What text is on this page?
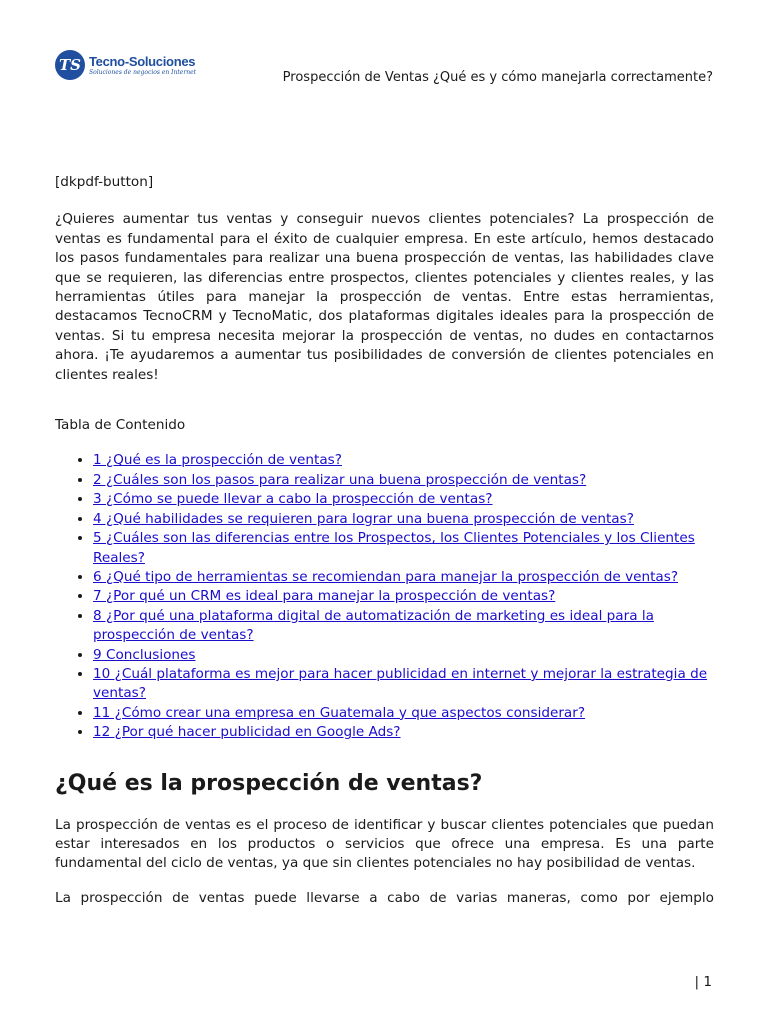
TS Tecno-Soluciones
Soluciones de negocios en Internet	Prospección de Ventas ¿Qué es y cómo manejarla correctamente?

[dkpdf-button]

¿Quieres aumentar tus ventas y conseguir nuevos clientes potenciales? La prospección de ventas es fundamental para el éxito de cualquier empresa. En este artículo, hemos destacado los pasos fundamentales para realizar una buena prospección de ventas, las habilidades clave que se requieren, las diferencias entre prospectos, clientes potenciales y clientes reales, y las herramientas útiles para manejar la prospección de ventas. Entre estas herramientas, destacamos TecnoCRM y TecnoMatic, dos plataformas digitales ideales para la prospección de ventas. Si tu empresa necesita mejorar la prospección de ventas, no dudes en contactarnos ahora. ¡Te ayudaremos a aumentar tus posibilidades de conversión de clientes potenciales en clientes reales!

Tabla de Contenido

• 1 ¿Qué es la prospección de ventas?
• 2 ¿Cuáles son los pasos para realizar una buena prospección de ventas?
• 3 ¿Cómo se puede llevar a cabo la prospección de ventas?
• 4 ¿Qué habilidades se requieren para lograr una buena prospección de ventas?
• 5 ¿Cuáles son las diferencias entre los Prospectos, los Clientes Potenciales y los Clientes Reales?
• 6 ¿Qué tipo de herramientas se recomiendan para manejar la prospección de ventas?
• 7 ¿Por qué un CRM es ideal para manejar la prospección de ventas?
• 8 ¿Por qué una plataforma digital de automatización de marketing es ideal para la prospección de ventas?
• 9 Conclusiones
• 10 ¿Cuál plataforma es mejor para hacer publicidad en internet y mejorar la estrategia de ventas?
• 11 ¿Cómo crear una empresa en Guatemala y que aspectos considerar?
• 12 ¿Por qué hacer publicidad en Google Ads?
¿Qué es la prospección de ventas?

La prospección de ventas es el proceso de identificar y buscar clientes potenciales que puedan estar interesados en los productos o servicios que ofrece una empresa. Es una parte fundamental del ciclo de ventas, ya que sin clientes potenciales no hay posibilidad de ventas.

La prospección de ventas puede llevarse a cabo de varias maneras, como por ejemplo

| 1
